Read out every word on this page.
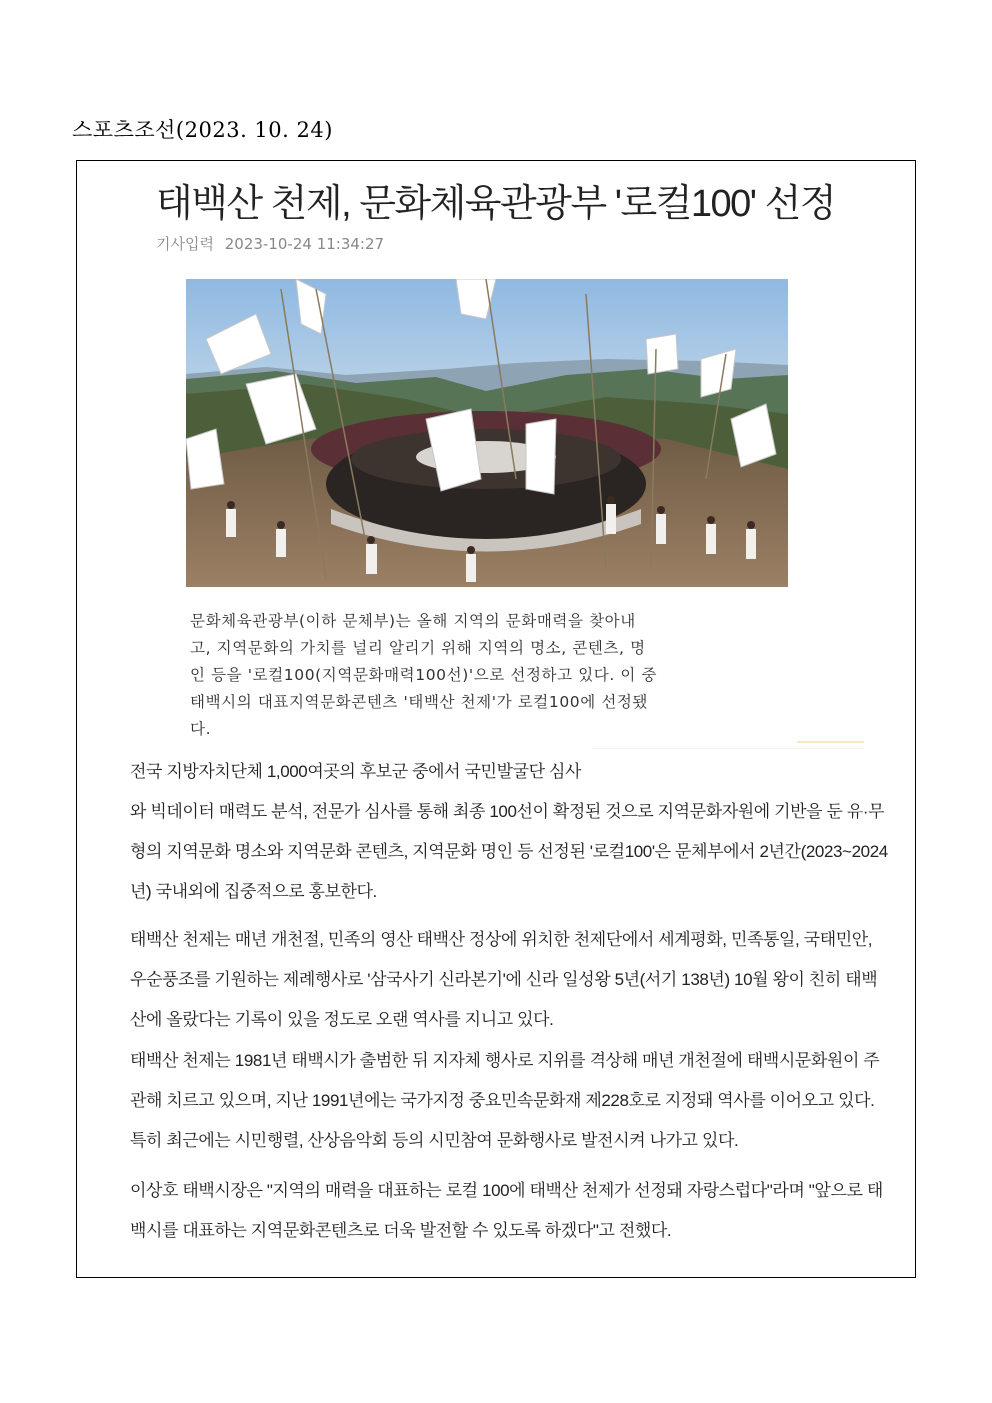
스포츠조선(2023. 10. 24)
태백산 천제, 문화체육관광부 '로컬100' 선정
기사입력 2023-10-24 11:34:27
문화체육관광부(이하 문체부)는 올해 지역의 문화매력을 찾아내
고, 지역문화의 가치를 널리 알리기 위해 지역의 명소, 콘텐츠, 명
인 등을 '로컬100(지역문화매력100선)'으로 선정하고 있다. 이 중
태백시의 대표지역문화콘텐츠 '태백산 천제'가 로컬100에 선정됐
다.
전국 지방자치단체 1,000여곳의 후보군 중에서 국민발굴단 심사
와 빅데이터 매력도 분석, 전문가 심사를 통해 최종 100선이 확정된 것으로 지역문화자원에 기반을 둔 유·무
형의 지역문화 명소와 지역문화 콘텐츠, 지역문화 명인 등 선정된 '로컬100'은 문체부에서 2년간(2023~2024
년) 국내외에 집중적으로 홍보한다.
태백산 천제는 매년 개천절, 민족의 영산 태백산 정상에 위치한 천제단에서 세계평화, 민족통일, 국태민안,
우순풍조를 기원하는 제례행사로 '삼국사기 신라본기'에 신라 일성왕 5년(서기 138년) 10월 왕이 친히 태백
산에 올랐다는 기록이 있을 정도로 오랜 역사를 지니고 있다.
태백산 천제는 1981년 태백시가 출범한 뒤 지자체 행사로 지위를 격상해 매년 개천절에 태백시문화원이 주
관해 치르고 있으며, 지난 1991년에는 국가지정 중요민속문화재 제228호로 지정돼 역사를 이어오고 있다.
특히 최근에는 시민행렬, 산상음악회 등의 시민참여 문화행사로 발전시켜 나가고 있다.
이상호 태백시장은 "지역의 매력을 대표하는 로컬 100에 태백산 천제가 선정돼 자랑스럽다"라며 "앞으로 태
백시를 대표하는 지역문화콘텐츠로 더욱 발전할 수 있도록 하겠다"고 전했다.
